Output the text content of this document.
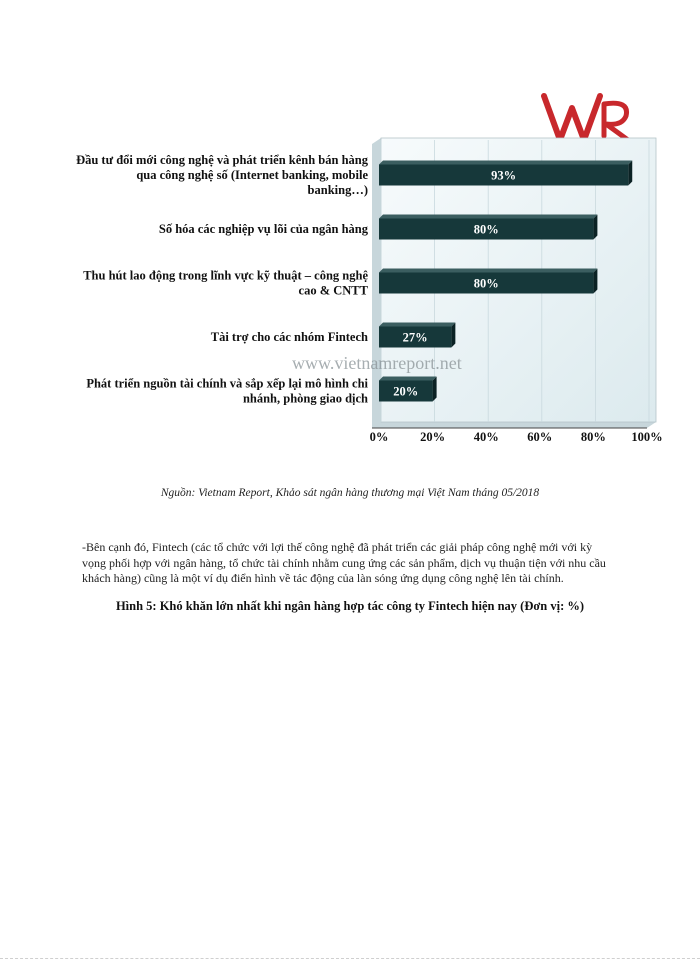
Đầu tư đổi mới công nghệ và phát triển kênh bán hàng
qua công nghệ số (Internet banking, mobile
banking…)
Số hóa các nghiệp vụ lõi của ngân hàng
Thu hút lao động trong lĩnh vực kỹ thuật – công nghệ
cao & CNTT
Tài trợ cho các nhóm Fintech
Phát triển nguồn tài chính và sắp xếp lại mô hình chi
nhánh, phòng giao dịch
93%
80%
80%
27%
20%
0%	20% 40% 60% 80% 100%
www.vietnamreport.net
Nguồn: Vietnam Report, Khảo sát ngân hàng thương mại Việt Nam tháng 05/2018

-Bên cạnh đó, Fintech (các tổ chức với lợi thế công nghệ đã phát triển các giải pháp công nghệ mới với kỳ vọng phối hợp với ngân hàng, tổ chức tài chính nhằm cung ứng các sản phẩm, dịch vụ thuận tiện với nhu cầu khách hàng) cũng là một ví dụ điển hình về tác động của làn sóng ứng dụng công nghệ lên tài chính.

Hình 5: Khó khăn lớn nhất khi ngân hàng hợp tác công ty Fintech hiện nay (Đơn vị: %)
